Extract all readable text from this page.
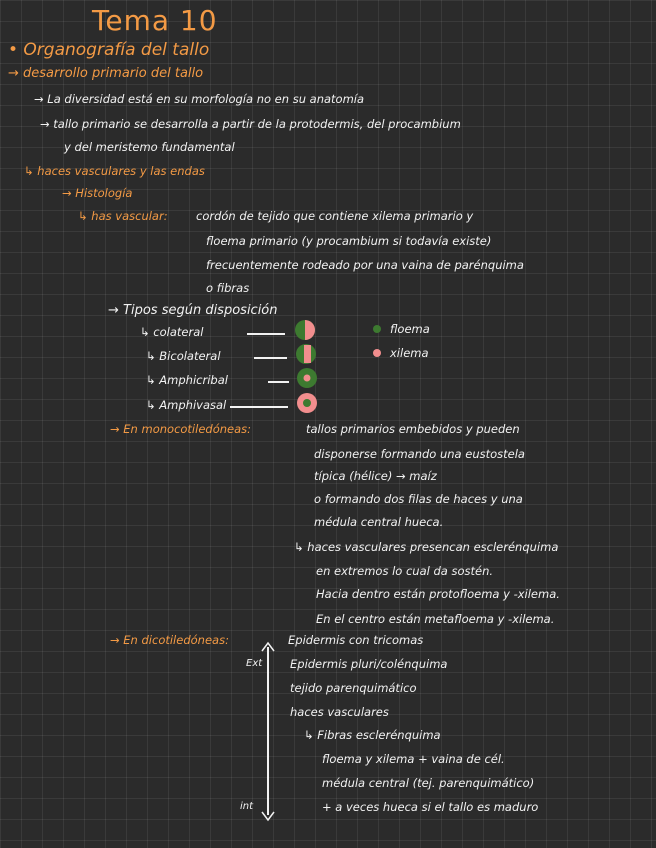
Tema 10
• Organografía del tallo
→ desarrollo primario del tallo
→ La diversidad está en su morfología no en su anatomía
→ tallo primario se desarrolla a partir de la protodermis, del procambium
y del meristemo fundamental
↳ haces vasculares y las endas
→ Histología
↳ has vascular: cordón de tejido que contiene xilema primario y
floema primario (y procambium si todavía existe)
frecuentemente rodeado por una vaina de parénquima
o fibras
→ Tipos según disposición
↳ colateral
↳ Bicolateral
↳ Amphicribal
↳ Amphivasal
floema
xilema
→ En monocotiledóneas:	tallos primarios embebidos y pueden
disponerse formando una eustostela
típica (hélice) → maíz
o formando dos filas de haces y una
médula central hueca.
↳ haces vasculares presencan esclerénquima
en extremos lo cual da sostén.
Hacia dentro están protofloema y -xilema.
En el centro están metafloema y -xilema.
→ En dicotiledóneas:	Epidermis con tricomas
Ext
int
Epidermis pluri/colénquima
tejido parenquimático
haces vasculares
↳ Fibras esclerénquima
floema y xilema + vaina de cél.
médula central (tej. parenquimático)
+ a veces hueca si el tallo es maduro
